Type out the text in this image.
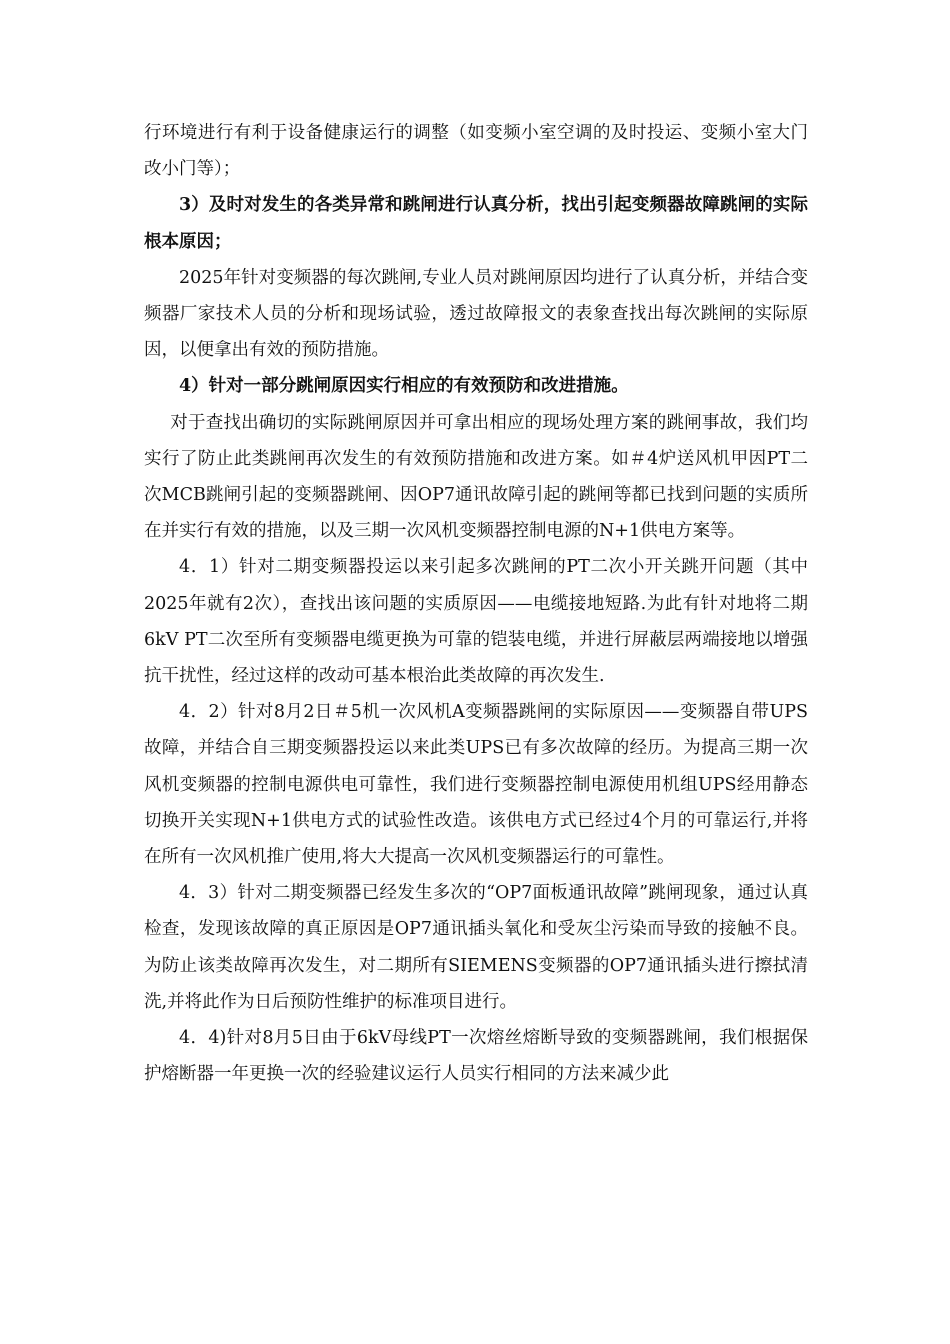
行环境进行有利于设备健康运行的调整（如变频小室空调的及时投运、变频小室大门改小门等）；

3）及时对发生的各类异常和跳闸进行认真分析，找出引起变频器故障跳闸的实际根本原因；

2025年针对变频器的每次跳闸,专业人员对跳闸原因均进行了认真分析，并结合变频器厂家技术人员的分析和现场试验，透过故障报文的表象查找出每次跳闸的实际原因，以便拿出有效的预防措施。

4）针对一部分跳闸原因实行相应的有效预防和改进措施。

对于查找出确切的实际跳闸原因并可拿出相应的现场处理方案的跳闸事故，我们均实行了防止此类跳闸再次发生的有效预防措施和改进方案。如＃4炉送风机甲因PT二次MCB跳闸引起的变频器跳闸、因OP7通讯故障引起的跳闸等都已找到问题的实质所在并实行有效的措施，以及三期一次风机变频器控制电源的N+1供电方案等。

4．1）针对二期变频器投运以来引起多次跳闸的PT二次小开关跳开问题（其中2025年就有2次），查找出该问题的实质原因——电缆接地短路.为此有针对地将二期6kV PT二次至所有变频器电缆更换为可靠的铠装电缆，并进行屏蔽层两端接地以增强抗干扰性，经过这样的改动可基本根治此类故障的再次发生.

4．2）针对8月2日＃5机一次风机A变频器跳闸的实际原因——变频器自带UPS故障，并结合自三期变频器投运以来此类UPS已有多次故障的经历。为提高三期一次风机变频器的控制电源供电可靠性，我们进行变频器控制电源使用机组UPS经用静态切换开关实现N+1供电方式的试验性改造。该供电方式已经过4个月的可靠运行,并将在所有一次风机推广使用,将大大提高一次风机变频器运行的可靠性。

4．3）针对二期变频器已经发生多次的“OP7面板通讯故障”跳闸现象，通过认真检查，发现该故障的真正原因是OP7通讯插头氧化和受灰尘污染而导致的接触不良。为防止该类故障再次发生，对二期所有SIEMENS变频器的OP7通讯插头进行擦拭清洗,并将此作为日后预防性维护的标准项目进行。

4．4)针对8月5日由于6kV母线PT一次熔丝熔断导致的变频器跳闸，我们根据保护熔断器一年更换一次的经验建议运行人员实行相同的方法来减少此
